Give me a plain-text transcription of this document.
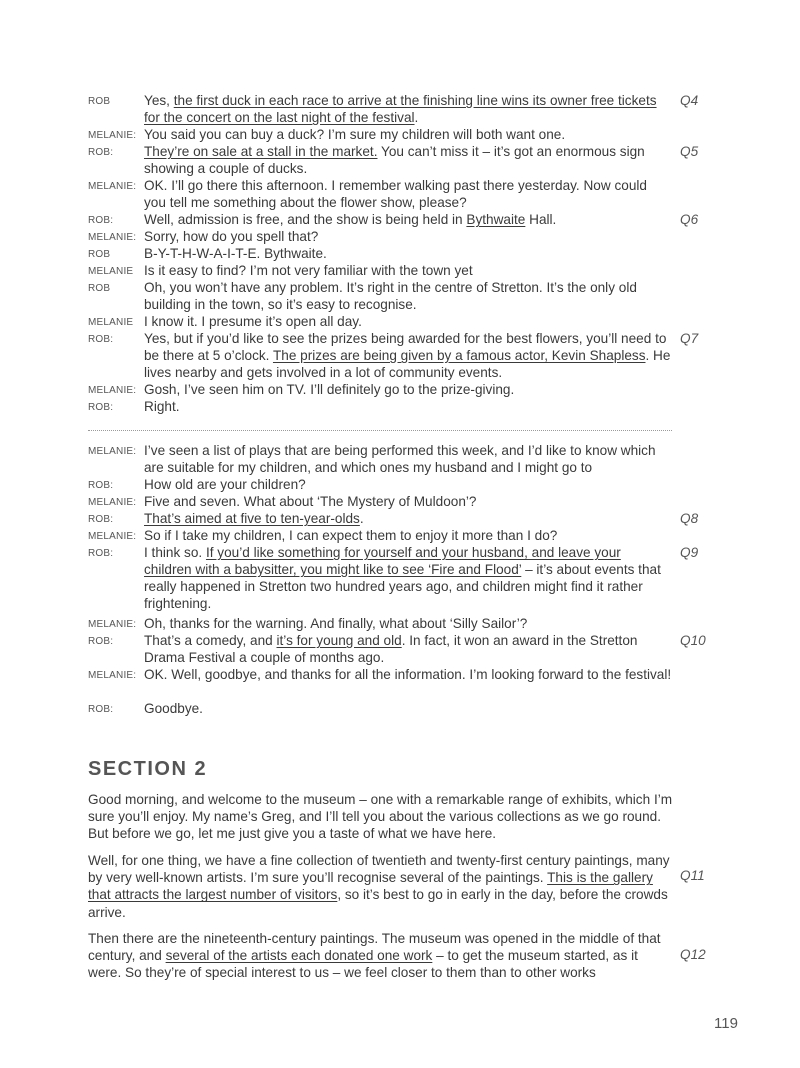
ROB Yes, the first duck in each race to arrive at the finishing line wins its owner free tickets for the concert on the last night of the festival.
Q4
MELANIE: You said you can buy a duck? I’m sure my children will both want one.
ROB: They’re on sale at a stall in the market. You can’t miss it – it’s got an enormous sign showing a couple of ducks.
Q5
MELANIE: OK. I’ll go there this afternoon. I remember walking past there yesterday. Now could you tell me something about the flower show, please?
ROB: Well, admission is free, and the show is being held in Bythwaite Hall.	Q6
MELANIE: Sorry, how do you spell that?
ROB B-Y-T-H-W-A-I-T-E. Bythwaite.
MELANIE Is it easy to find? I’m not very familiar with the town yet
ROB Oh, you won’t have any problem. It’s right in the centre of Stretton. It’s the only old building in the town, so it’s easy to recognise.
MELANIE I know it. I presume it’s open all day.
ROB: Yes, but if you’d like to see the prizes being awarded for the best flowers, you’ll need to be there at 5 o’clock. The prizes are being given by a famous actor, Kevin Shapless. He lives nearby and gets involved in a lot of community events.
Q7
MELANIE: Gosh, I’ve seen him on TV. I’ll definitely go to the prize-giving.
ROB: Right.
MELANIE: I’ve seen a list of plays that are being performed this week, and I’d like to know which are suitable for my children, and which ones my husband and I might go to
ROB: How old are your children?
MELANIE: Five and seven. What about ‘The Mystery of Muldoon’?
ROB: That’s aimed at five to ten-year-olds.	Q8
MELANIE: So if I take my children, I can expect them to enjoy it more than I do?
ROB: I think so. If you’d like something for yourself and your husband, and leave your children with a babysitter, you might like to see ‘Fire and Flood’ – it’s about events that really happened in Stretton two hundred years ago, and children might find it rather frightening.
Q9
MELANIE: Oh, thanks for the warning. And finally, what about ‘Silly Sailor’?
ROB: That’s a comedy, and it’s for young and old. In fact, it won an award in the Stretton Drama Festival a couple of months ago.
Q10
MELANIE: OK. Well, goodbye, and thanks for all the information. I’m looking forward to the festival!
ROB: Goodbye.
SECTION 2
Good morning, and welcome to the museum – one with a remarkable range of exhibits, which I’m sure you’ll enjoy. My name’s Greg, and I’ll tell you about the various collections as we go round. But before we go, let me just give you a taste of what we have here.
Well, for one thing, we have a fine collection of twentieth and twenty-first century paintings, many by very well-known artists. I’m sure you’ll recognise several of the paintings. This is the gallery that attracts the largest number of visitors, so it’s best to go in early in the day, before the crowds arrive.
Q11
Then there are the nineteenth-century paintings. The museum was opened in the middle of that century, and several of the artists each donated one work – to get the museum started, as it were. So they’re of special interest to us – we feel closer to them than to other works
Q12
119
